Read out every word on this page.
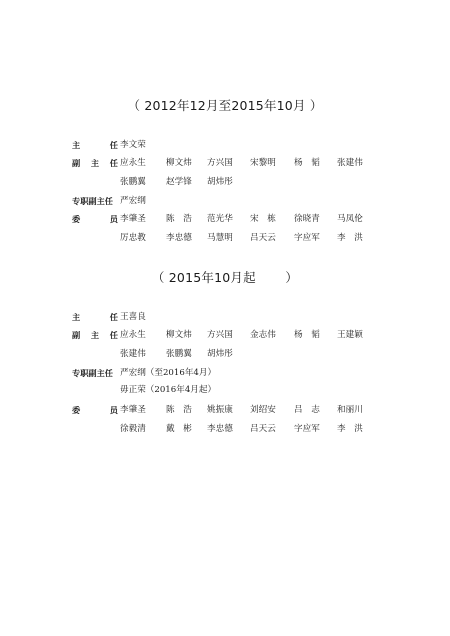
（ 2012年12月至2015年10月 ）
主	任 李文荣
副 主 任 应永生 柳文炜 方兴国 宋黎明 杨　韬 张建伟
张鹏翼 赵学锋 胡炜彤
专职副主任 严宏纲
委	员 李肇圣 陈　浩 范光华 宋　栋 徐晓青 马凤伦
厉忠教 李忠德 马慧明 吕天云 字应军 李　洪
（ 2015年10月起　　 ）
主	任 王喜良
副 主 任 应永生 柳文炜 方兴国 金志伟 杨　韬 王建颖
张建伟 张鹏翼 胡炜彤
专职副主任 严宏纲（至2016年4月）
毋正荣（2016年4月起）
委	员 李肇圣 陈　浩 姚振康 刘绍安 吕　志 和丽川
徐毅清 戴　彬 李忠德 吕天云 字应军 李　洪
